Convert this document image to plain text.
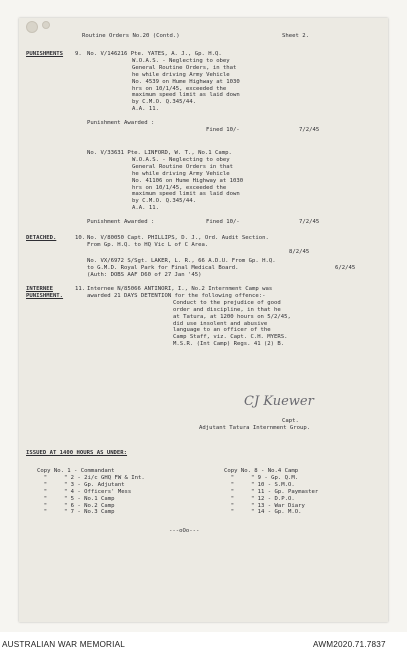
Routine Orders No.20 (Contd.)	Sheet 2.
PUNISHMENTS 9. No. V/146216 Pte. YATES, A. J., Gp. H.Q.
W.O.A.S. - Neglecting to obey
General Routine Orders, in that
he while driving Army Vehicle
No. 4539 on Hume Highway at 1030
hrs on 10/1/45, exceeded the
maximum speed limit as laid down
by C.M.O. Q.345/44.
A.A. 11.
Punishment Awarded :
Fined 10/-	7/2/45
No. V/33631 Pte. LINFORD, W. T., No.1 Camp.
W.O.A.S. - Neglecting to obey
General Routine Orders in that
he while driving Army Vehicle
No. 41106 on Hume Highway at 1030
hrs on 10/1/45, exceeded the
maximum speed limit as laid down
by C.M.O. Q.345/44.
A.A. 11.
Punishment Awarded :	Fined 10/-	7/2/45
DETACHED.	10. No. V/80050 Capt. PHILLIPS, D. J., Ord. Audit Section.
From Gp. H.Q. to HQ Vic L of C Area.
8/2/45
No. VX/6972 S/Sgt. LAKER, L. R., 66 A.D.U. From Gp. H.Q.
to G.M.D. Royal Park for Final Medical Board.
(Auth: DOBS AAF D60 of 27 Jan '45)
6/2/45
INTERNEE
PUNISHMENT.
11. Internee N/85066 ANTINORI, I., No.2 Internment Camp was
awarded 21 DAYS DETENTION for the following offence:-
Conduct to the prejudice of good
order and discipline, in that he
at Tatura, at 1200 hours on 5/2/45,
did use insolent and abusive
language to an officer of the
Camp Staff, viz. Capt. C.H. MYERS.
M.S.R. (Int Camp) Regs. 41 (2) B.
CJ Kuewer
Capt.
Adjutant Tatura Internment Group.
ISSUED AT 1400 HOURS AS UNDER:
Copy No. 1 - Commandant
"     " 2 - 2i/c GHQ FW & Int.
"     " 3 - Gp. Adjutant
"     " 4 - Officers' Mess
"     " 5 - No.1 Camp
"     " 6 - No.2 Camp
"     " 7 - No.3 Camp
Copy No. 8 - No.4 Camp
"     " 9 - Gp. Q.M.
"     " 10 - S.M.O.
"     " 11 - Gp. Paymaster
"     " 12 - D.P.O.
"     " 13 - War Diary
"     " 14 - Gp. M.O.
---oOo---
AUSTRALIAN WAR MEMORIAL	AWM2020.71.7837
